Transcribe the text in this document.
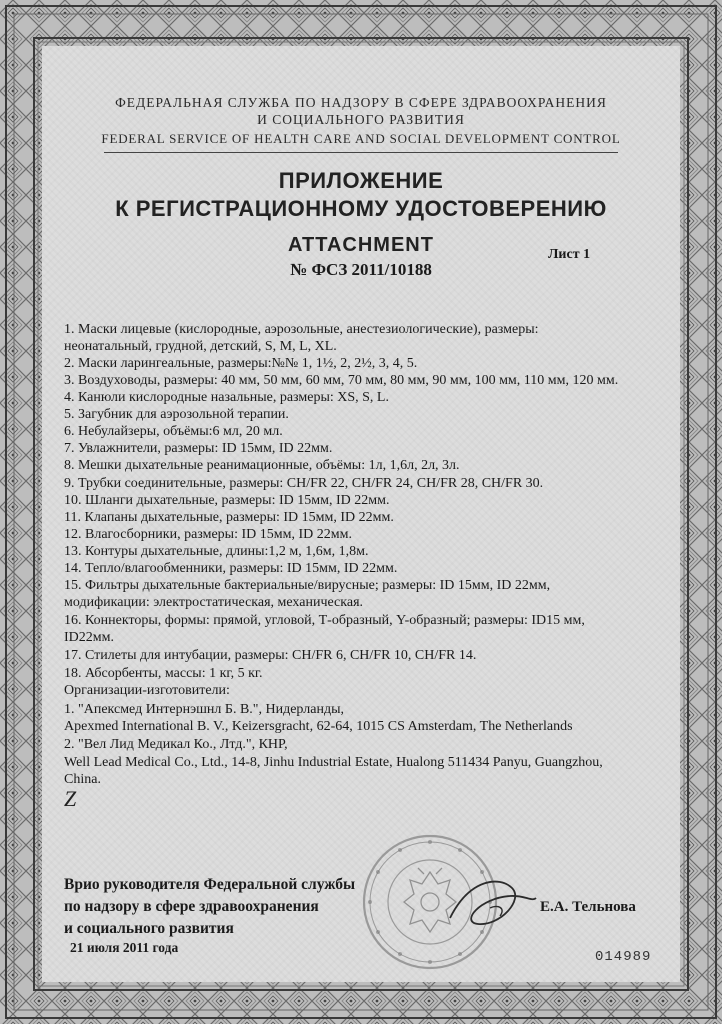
ФЕДЕРАЛЬНАЯ СЛУЖБА ПО НАДЗОРУ В СФЕРЕ ЗДРАВООХРАНЕНИЯ
И СОЦИАЛЬНОГО РАЗВИТИЯ
FEDERAL SERVICE OF HEALTH CARE AND SOCIAL DEVELOPMENT CONTROL
ПРИЛОЖЕНИЕ
К РЕГИСТРАЦИОННОМУ УДОСТОВЕРЕНИЮ
ATTACHMENT
№ ФСЗ 2011/10188
Лист 1
1. Маски лицевые (кислородные, аэрозольные, анестезиологические), размеры:
неонатальный, грудной, детский, S, M, L, XL.
2. Маски ларингеальные, размеры:№№ 1, 1½, 2, 2½, 3, 4, 5.
3. Воздуховоды, размеры: 40 мм, 50 мм, 60 мм, 70 мм, 80 мм, 90 мм, 100 мм, 110 мм, 120 мм.
4. Канюли кислородные назальные, размеры: XS, S, L.
5. Загубник для аэрозольной терапии.
6. Небулайзеры, объёмы:6 мл, 20 мл.
7. Увлажнители, размеры: ID 15мм, ID 22мм.
8. Мешки дыхательные реанимационные, объёмы: 1л, 1,6л, 2л, 3л.
9. Трубки соединительные, размеры: CH/FR 22, CH/FR 24, CH/FR 28, CH/FR 30.
10. Шланги дыхательные, размеры: ID 15мм, ID 22мм.
11. Клапаны дыхательные, размеры: ID 15мм, ID 22мм.
12. Влагосборники, размеры: ID 15мм, ID 22мм.
13. Контуры дыхательные, длины:1,2 м, 1,6м, 1,8м.
14. Тепло/влагообменники, размеры: ID 15мм, ID 22мм.
15. Фильтры дыхательные бактериальные/вирусные; размеры: ID 15мм, ID 22мм,
модификации: электростатическая, механическая.
16. Коннекторы, формы: прямой, угловой, Т-образный, Y-образный; размеры: ID15 мм,
ID22мм.
17. Стилеты для интубации, размеры: CH/FR 6, CH/FR 10, CH/FR 14.
18. Абсорбенты, массы: 1 кг, 5 кг.
Организации-изготовители:
1. "Апексмед Интернэшнл Б. В.", Нидерланды,
Apexmed International B. V., Keizersgracht, 62-64, 1015 CS Amsterdam, The Netherlands
2. "Вел Лид Медикал Ко., Лтд.", КНР,
Well Lead Medical Co., Ltd., 14-8, Jinhu Industrial Estate, Hualong 511434 Panyu, Guangzhou,
China.
Z
Врио руководителя Федеральной службы
по надзору в сфере здравоохранения
и социального развития
21 июля 2011 года
Е.А. Тельнова
014989
